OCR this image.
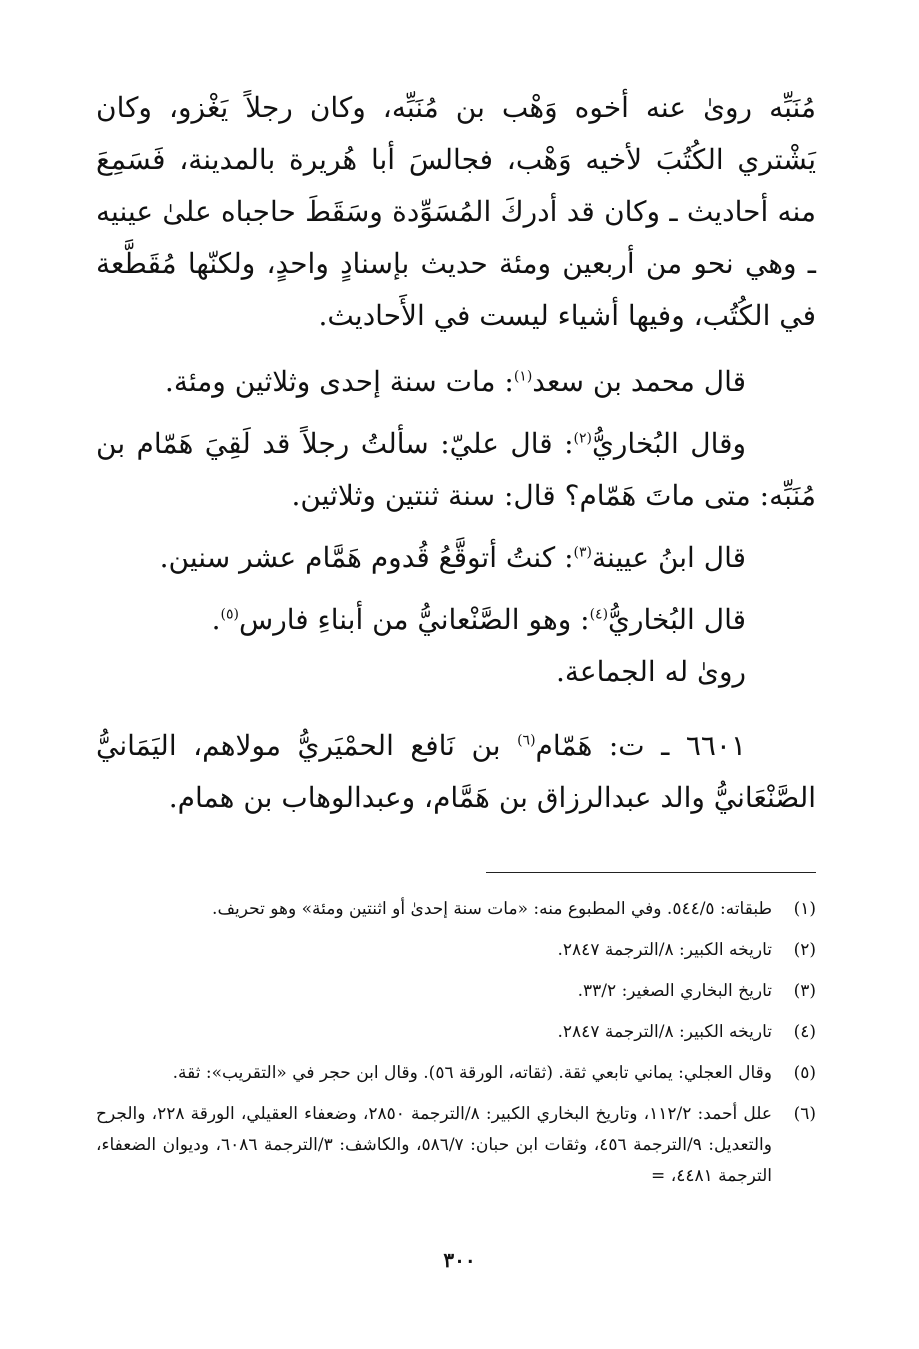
مُنَبِّه روىٰ عنه أخوه وَهْب بن مُنَبِّه، وكان رجلاً يَغْزو، وكان يَشْتري الكُتُبَ لأخيه وَهْب، فجالسَ أبا هُريرة بالمدينة، فَسَمِعَ منه أحاديث ـ وكان قد أدركَ المُسَوِّدة وسَقَطَ حاجباه علىٰ عينيه ـ وهي نحو من أربعين ومئة حديث بإسنادٍ واحدٍ، ولكنّها مُقَطَّعة في الكُتُب، وفيها أشياء ليست في الأَحاديث.

قال محمد بن سعد$^{(١)}$: مات سنة إحدى وثلاثين ومئة.

وقال البُخاريُّ$^{(٢)}$: قال عليّ: سألتُ رجلاً قد لَقِيَ هَمّام بن مُنَبِّه: متى ماتَ هَمّام؟ قال: سنة ثنتين وثلاثين.

قال ابنُ عيينة$^{(٣)}$: كنتُ أتوقَّعُ قُدوم هَمَّام عشر سنين.

قال البُخاريُّ$^{(٤)}$: وهو الصَّنْعانيُّ من أبناءِ فارس$^{(٥)}$.

روىٰ له الجماعة.

٦٦٠١ ـ ت: هَمّام$^{(٦)}$ بن نَافع الحمْيَريُّ مولاهم، اليَمَانيُّ الصَّنْعَانيُّ والد عبدالرزاق بن هَمَّام، وعبدالوهاب بن همام.

(١)
طبقاته: ٥٤٤/٥. وفي المطبوع منه: «مات سنة إحدىٰ أو اثنتين ومئة» وهو تحريف.
(٢)
تاريخه الكبير: ٨/الترجمة ٢٨٤٧.
(٣)
تاريخ البخاري الصغير: ٣٣/٢.
(٤)
تاريخه الكبير: ٨/الترجمة ٢٨٤٧.
(٥)
وقال العجلي: يماني تابعي ثقة. (ثقاته، الورقة ٥٦). وقال ابن حجر في «التقريب»: ثقة.
(٦)
علل أحمد: ١١٢/٢، وتاريخ البخاري الكبير: ٨/الترجمة ٢٨٥٠، وضعفاء العقيلي، الورقة ٢٢٨، والجرح والتعديل: ٩/الترجمة ٤٥٦، وثقات ابن حبان: ٥٨٦/٧، والكاشف: ٣/الترجمة ٦٠٨٦، وديوان الضعفاء، الترجمة ٤٤٨١، =
٣٠٠
